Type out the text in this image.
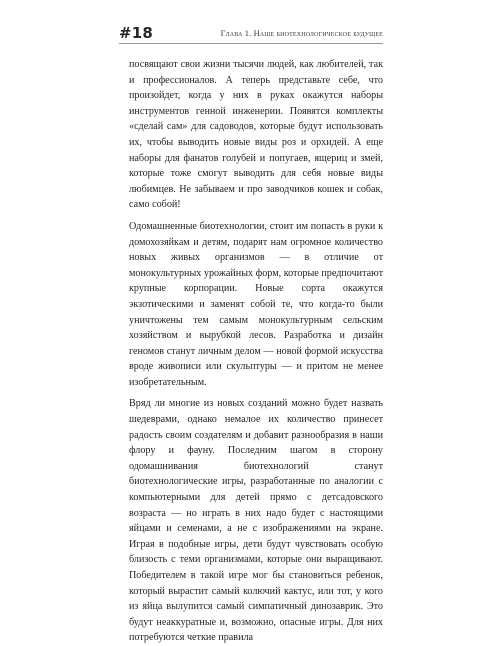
#18	Глава 1. Наше биотехнологическое будущее

посвящают свои жизни тысячи людей, как любителей, так и профессионалов. А теперь представьте себе, что произойдет, когда у них в руках окажутся наборы инструментов генной инженерии. Появятся комплекты «сделай сам» для садоводов, которые будут использовать их, чтобы выводить новые виды роз и орхидей. А еще наборы для фанатов голубей и попугаев, ящериц и змей, которые тоже смогут выводить для себя новые виды любимцев. Не забываем и про заводчиков кошек и собак, само собой!

Одомашненные биотехнологии, стоит им попасть в руки к домохозяйкам и детям, подарят нам огромное количество новых живых организмов — в отличие от монокультурных урожайных форм, которые предпочитают крупные корпорации. Новые сорта окажутся экзотическими и заменят собой те, что когда-то были уничтожены тем самым монокультурным сельским хозяйством и вырубкой лесов. Разработка и дизайн геномов станут личным делом — новой формой искусства вроде живописи или скульптуры — и притом не менее изобретательным.

Вряд ли многие из новых созданий можно будет назвать шедеврами, однако немалое их количество принесет радость своим создателям и добавит разнообразия в наши флору и фауну. Последним шагом в сторону одомашнивания биотехнологий станут биотехнологические игры, разработанные по аналогии с компьютерными для детей прямо с детсадовского возраста — но играть в них надо будет с настоящими яйцами и семенами, а не с изображениями на экране. Играя в подобные игры, дети будут чувствовать особую близость с теми организмами, которые они выращивают. Победителем в такой игре мог бы становиться ребенок, который вырастит самый колючий кактус, или тот, у кого из яйца вылупится самый симпатичный динозаврик. Это будут неаккуратные и, возможно, опасные игры. Для них потребуются четкие правила
